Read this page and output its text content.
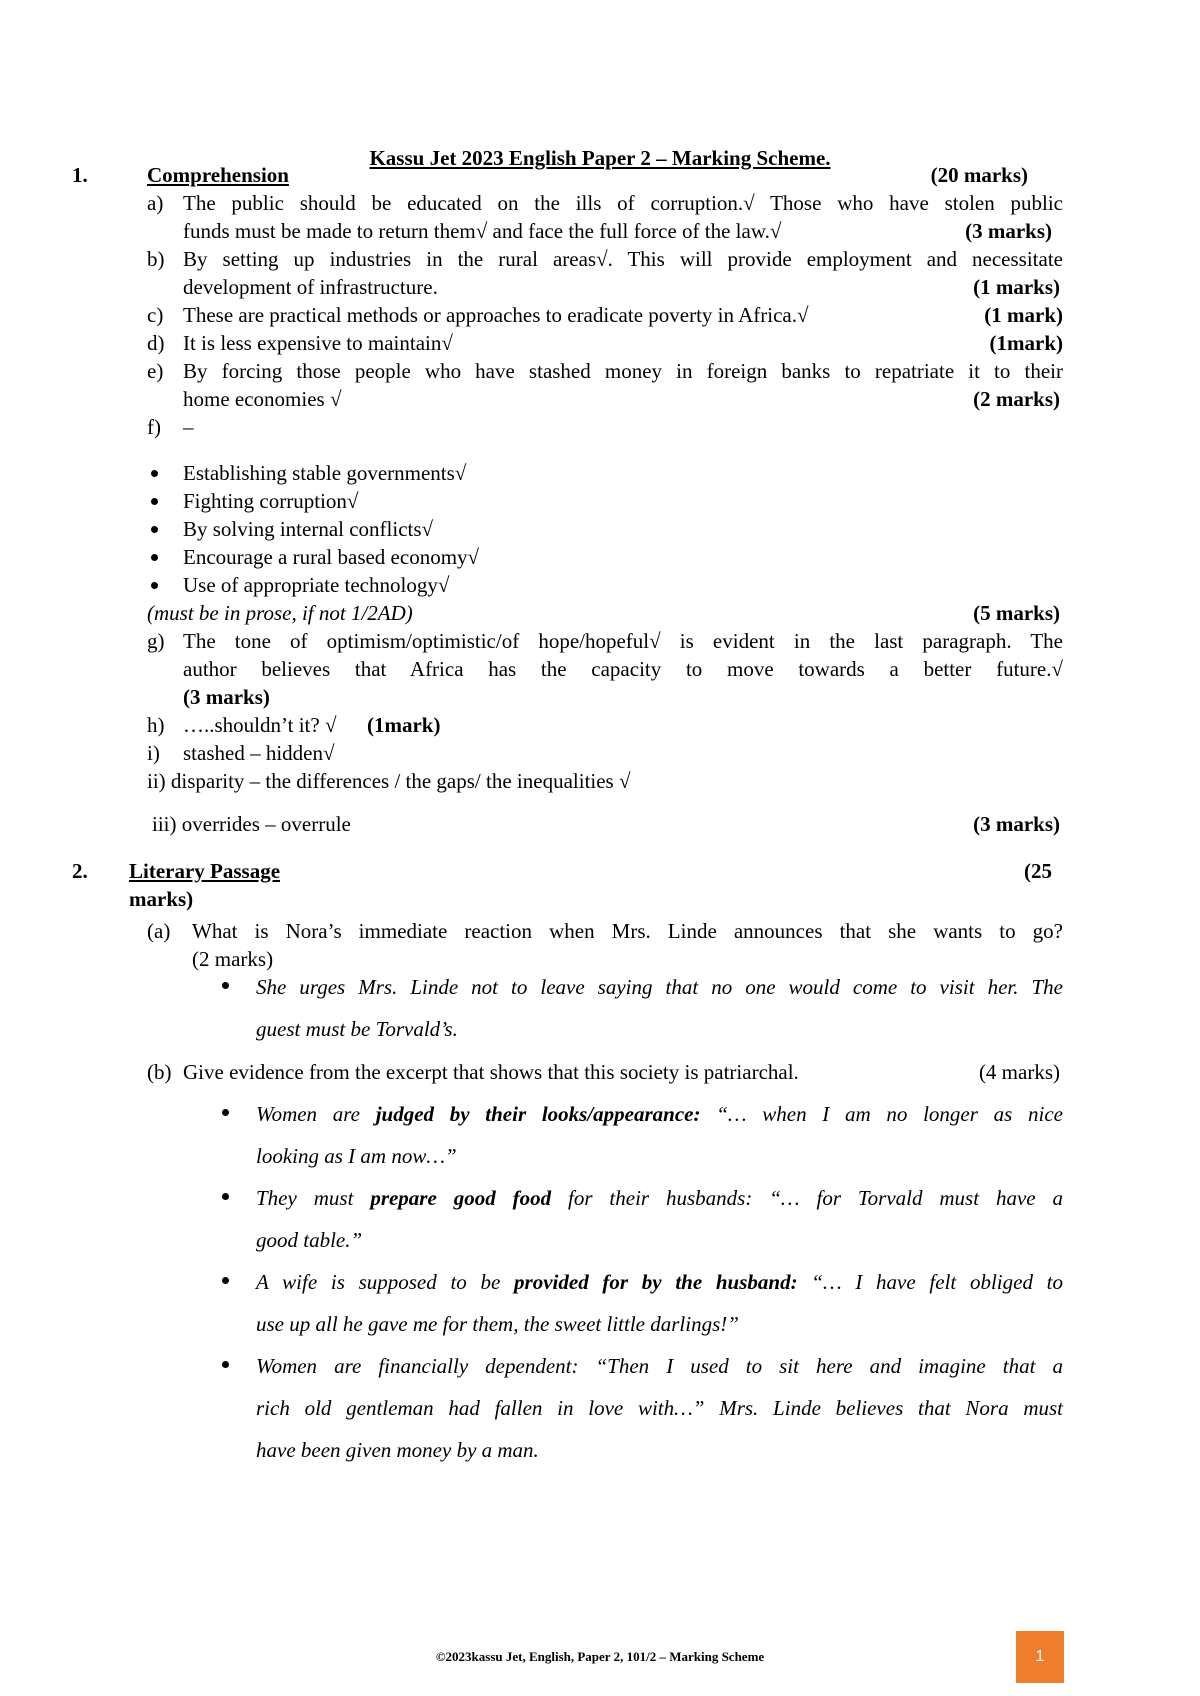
Kassu Jet 2023 English Paper 2 – Marking Scheme.
1.	Comprehension	(20 marks)
a) The public should be educated on the ills of corruption.√ Those who have stolen public
funds must be made to return them√ and face the full force of the law.√	(3 marks)
b) By setting up industries in the rural areas√. This will provide employment and necessitate
development of infrastructure.	(1 marks)
c) These are practical methods or approaches to eradicate poverty in Africa.√	(1 mark)
d) It is less expensive to maintain√	(1mark)
e) By forcing those people who have stashed money in foreign banks to repatriate it to their
home economies √	(2 marks)
f) –
Establishing stable governments√
Fighting corruption√
By solving internal conflicts√
Encourage a rural based economy√
Use of appropriate technology√
(must be in prose, if not 1/2AD)	(5 marks)
g) The tone of optimism/optimistic/of hope/hopeful√ is evident in the last paragraph. The
author believes that Africa has the capacity to move towards a better future.√
(3 marks)
h) …..shouldn’t it? √ (1mark)
i) stashed – hidden√
ii) disparity – the differences / the gaps/ the inequalities √
iii) overrides – overrule	(3 marks)
2. Literary Passage	(25
marks)
(a) What is Nora’s immediate reaction when Mrs. Linde announces that she wants to go?
(2 marks)
She urges Mrs. Linde not to leave saying that no one would come to visit her. The
guest must be Torvald’s.
(b) Give evidence from the excerpt that shows that this society is patriarchal.	(4 marks)
Women are judged by their looks/appearance: “… when I am no longer as nice
looking as I am now…”
They must prepare good food for their husbands: “… for Torvald must have a
good table.”
A wife is supposed to be provided for by the husband: “… I have felt obliged to
use up all he gave me for them, the sweet little darlings!”
Women are financially dependent: “Then I used to sit here and imagine that a
rich old gentleman had fallen in love with…” Mrs. Linde believes that Nora must
have been given money by a man.
©2023kassu Jet, English, Paper 2, 101/2 – Marking Scheme	1
